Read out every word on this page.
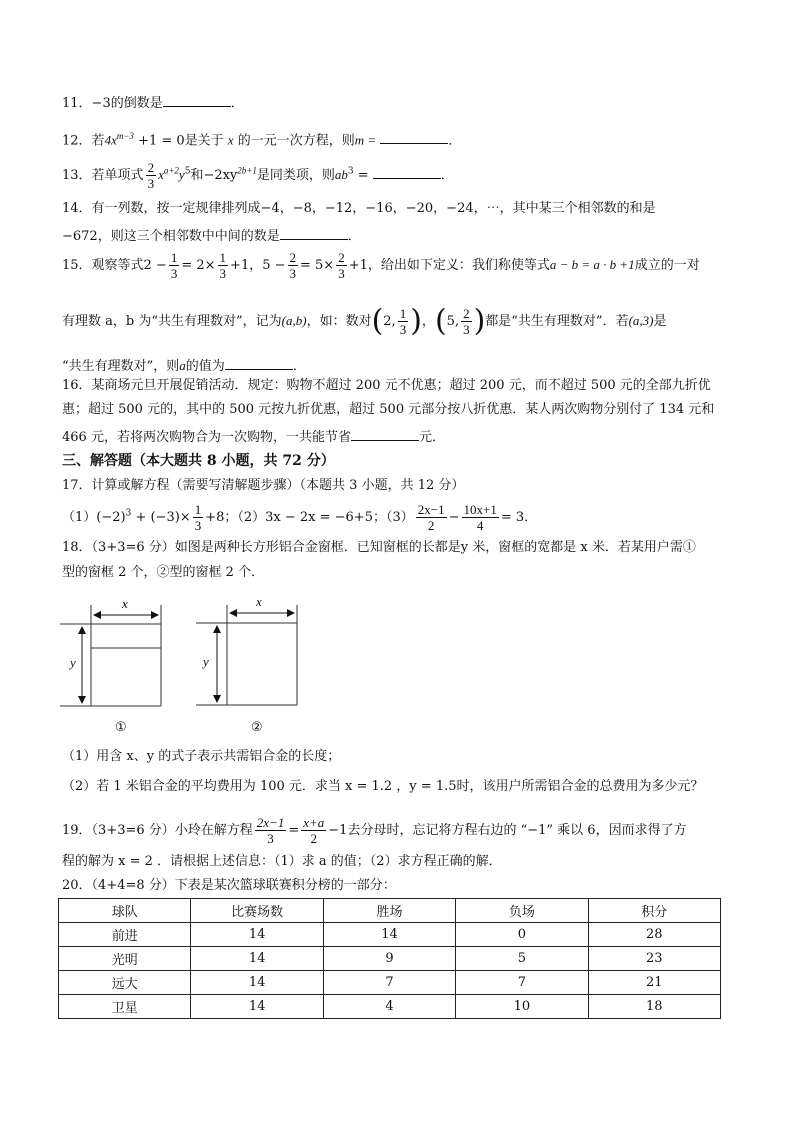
11．−3的倒数是	．
12．若$4x^{m-3} +1 = 0$是关于 x 的一元一次方程，则m =	．
13．若单项式 $\frac{2}{3} x^{a+2}y^5$和$-2xy^{2b+1}$是同类项，则$ab^3$ =	．
14．有一列数，按一定规律排列成−4，−8，−12，−16，−20，−24，⋯，其中某三个相邻数的和是
−672，则这三个相邻数中中间的数是	．
15．观察等式$2 - \frac{1}{3} = 2\times \frac{1}{3} +1$，$5 - \frac{2}{3} = 5\times \frac{2}{3} +1$，给出如下定义：我们称使等式a − b = a · b +1成立的一对
有理数 a，b 为“共生有理数对”，记为(a,b)，如：数对(2, $\frac{1}{3}$ )，(5, $\frac{2}{3}$ )都是“共生有理数对”．若(a,3)是
“共生有理数对”，则a的值为	．
16．某商场元旦开展促销活动．规定：购物不超过 200 元不优惠；超过 200 元，而不超过 500 元的全部九折优
惠；超过 500 元的，其中的 500 元按九折优惠，超过 500 元部分按八折优惠．某人两次购物分别付了 134 元和
466 元，若将两次购物合为一次购物，一共能节省	元．
三、解答题（本大题共 8 小题，共 72 分）
17．计算或解方程（需要写清解题步骤）（本题共 3 小题，共 12 分）
$(1)(-2)^3 + (-3)\times \frac{1}{3} +8$；（2）3x − 2x = −6+5；$(3) \frac{2x-1}{2} - \frac{10x+1}{4} = 3$．
18．（3+3=6 分）如图是两种长方形铝合金窗框．已知窗框的长都是y 米，窗框的宽都是 x 米．若某用户需①
型的窗框 2 个，②型的窗框 2 个．
x	x
y	y
①	②
（1）用含 x、y 的式子表示共需铝合金的长度；
（2）若 1 米铝合金的平均费用为 100 元．求当 x = 1.2 ，y = 1.5时，该用户所需铝合金的总费用为多少元？
19．（3+3=6 分）小玲在解方程 $\frac{2x-1}{3} = \frac{x+a}{2} -1$去分母时，忘记将方程右边的 “−1” 乘以 6，因而求得了方
程的解为 x = 2 ．请根据上述信息：（1）求 a 的值；（2）求方程正确的解．
20．（4+4=8 分）下表是某次篮球联赛积分榜的一部分：
球队	比赛场数	胜场	负场	积分
前进	14	14	0	28
光明	14	9	5	23
远大	14	7	7	21
卫星	14	4	10	18
